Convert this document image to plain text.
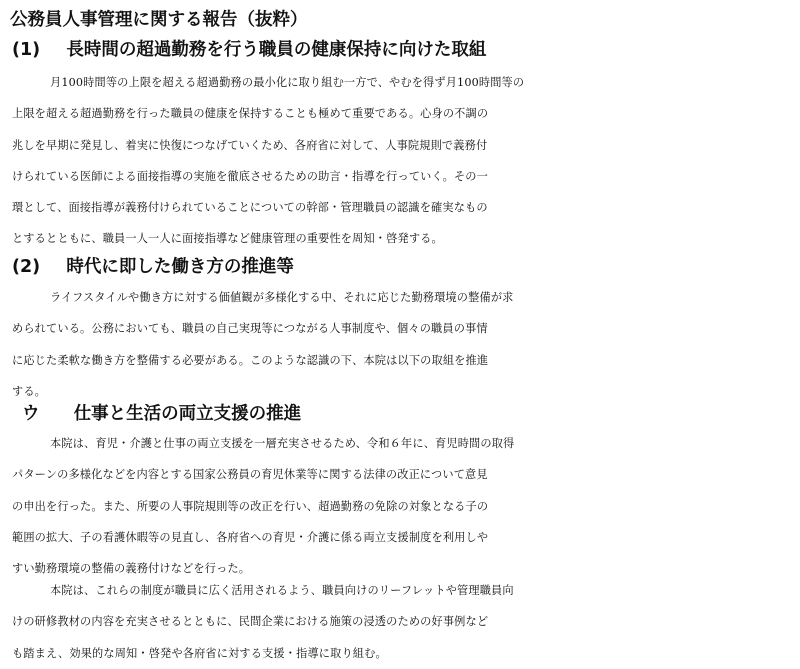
公務員人事管理に関する報告（抜粋）
(1) 長時間の超過勤務を行う職員の健康保持に向けた取組
月100時間等の上限を超える超過勤務の最小化に取り組む一方で、やむを得ず月100時間等の
上限を超える超過勤務を行った職員の健康を保持することも極めて重要である。心身の不調の
兆しを早期に発見し、着実に快復につなげていくため、各府省に対して、人事院規則で義務付
けられている医師による面接指導の実施を徹底させるための助言・指導を行っていく。その一
環として、面接指導が義務付けられていることについての幹部・管理職員の認識を確実なもの
とするとともに、職員一人一人に面接指導など健康管理の重要性を周知・啓発する。
(2) 時代に即した働き方の推進等
ライフスタイルや働き方に対する価値観が多様化する中、それに応じた勤務環境の整備が求
められている。公務においても、職員の自己実現等につながる人事制度や、個々の職員の事情
に応じた柔軟な働き方を整備する必要がある。このような認識の下、本院は以下の取組を推進
する。
ウ 仕事と生活の両立支援の推進
本院は、育児・介護と仕事の両立支援を一層充実させるため、令和６年に、育児時間の取得
パターンの多様化などを内容とする国家公務員の育児休業等に関する法律の改正について意見
の申出を行った。また、所要の人事院規則等の改正を行い、超過勤務の免除の対象となる子の
範囲の拡大、子の看護休暇等の見直し、各府省への育児・介護に係る両立支援制度を利用しや
すい勤務環境の整備の義務付けなどを行った。
本院は、これらの制度が職員に広く活用されるよう、職員向けのリーフレットや管理職員向
けの研修教材の内容を充実させるとともに、民間企業における施策の浸透のための好事例など
も踏まえ、効果的な周知・啓発や各府省に対する支援・指導に取り組む。
